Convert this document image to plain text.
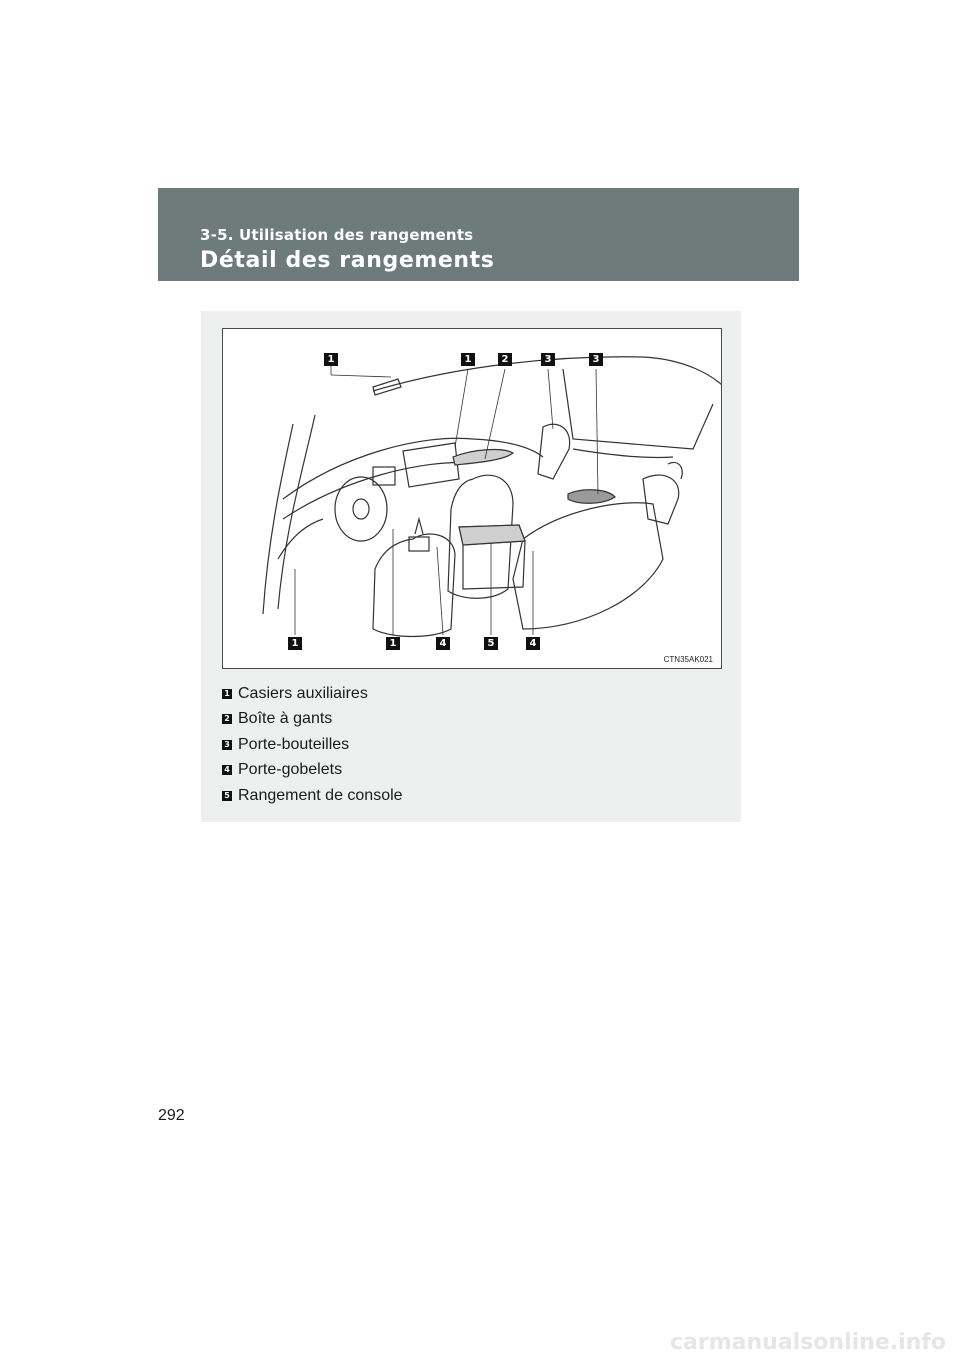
3-5. Utilisation des rangements
Détail des rangements
1	1	2	3	3
1	1	4	5	4
CTN35AK021
1 Casiers auxiliaires
2 Boîte à gants
3 Porte-bouteilles
4 Porte-gobelets
5 Rangement de console
292
carmanualsonline.info
